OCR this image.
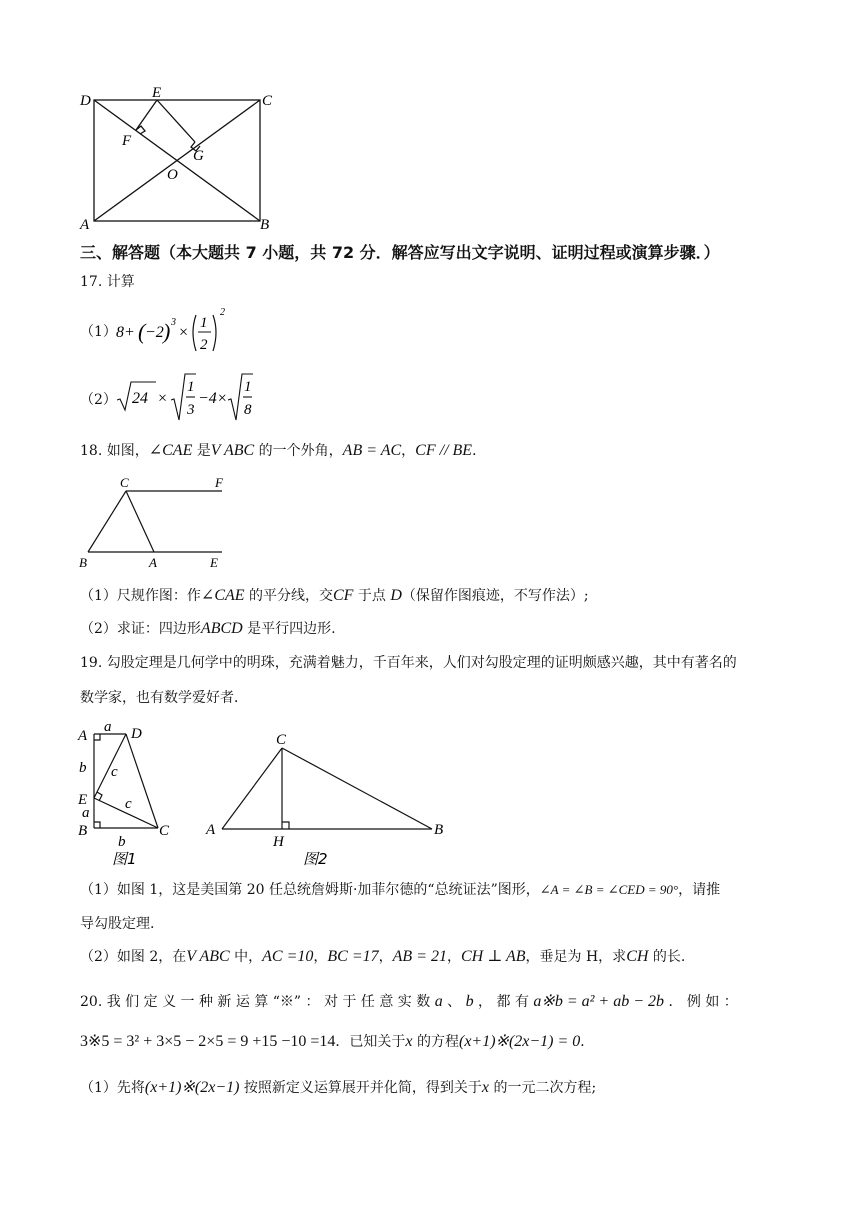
D	E	C
F
G
O
A	B
三、解答题（本大题共 7 小题，共 72 分．解答应写出文字说明、证明过程或演算步骤．）
17. 计算
（1） 8+ ( −2 ) 3
×
1
2
2
（2） 24 ×
1
3
−4×
1
8
18. 如图，∠CAE 是V ABC 的一个外角，AB = AC，CF // BE．
C	F
B	A	E
（1）尺规作图：作∠CAE 的平分线，交CF 于点 D（保留作图痕迹，不写作法）;
（2）求证：四边形ABCD 是平行四边形.
19. 勾股定理是几何学中的明珠，充满着魅力，千百年来，人们对勾股定理的证明颇感兴趣，其中有著名的
数学家，也有数学爱好者．
A
a D
b c
E
a
c
B
b
C
图1
C
A
H
B
图2
（1）如图 1，这是美国第 20 任总统詹姆斯·加菲尔德的“总统证法”图形，∠A = ∠B = ∠CED = 90°，请推
导勾股定理.
（2）如图 2，在V ABC 中，AC =10，BC =17，AB = 21，CH ⊥ AB，垂足为 H，求CH 的长.
20. 我 们 定 义 一 种 新 运 算 “※” ： 对 于 任 意 实 数 a 、 b ， 都 有 a※b = a² + ab − 2b ． 例 如 ：
3※5 = 3² + 3×5 − 2×5 = 9 +15 −10 =14．已知关于x 的方程(x+1)※(2x−1) = 0．
（1）先将(x+1)※(2x−1) 按照新定义运算展开并化简，得到关于x 的一元二次方程;
